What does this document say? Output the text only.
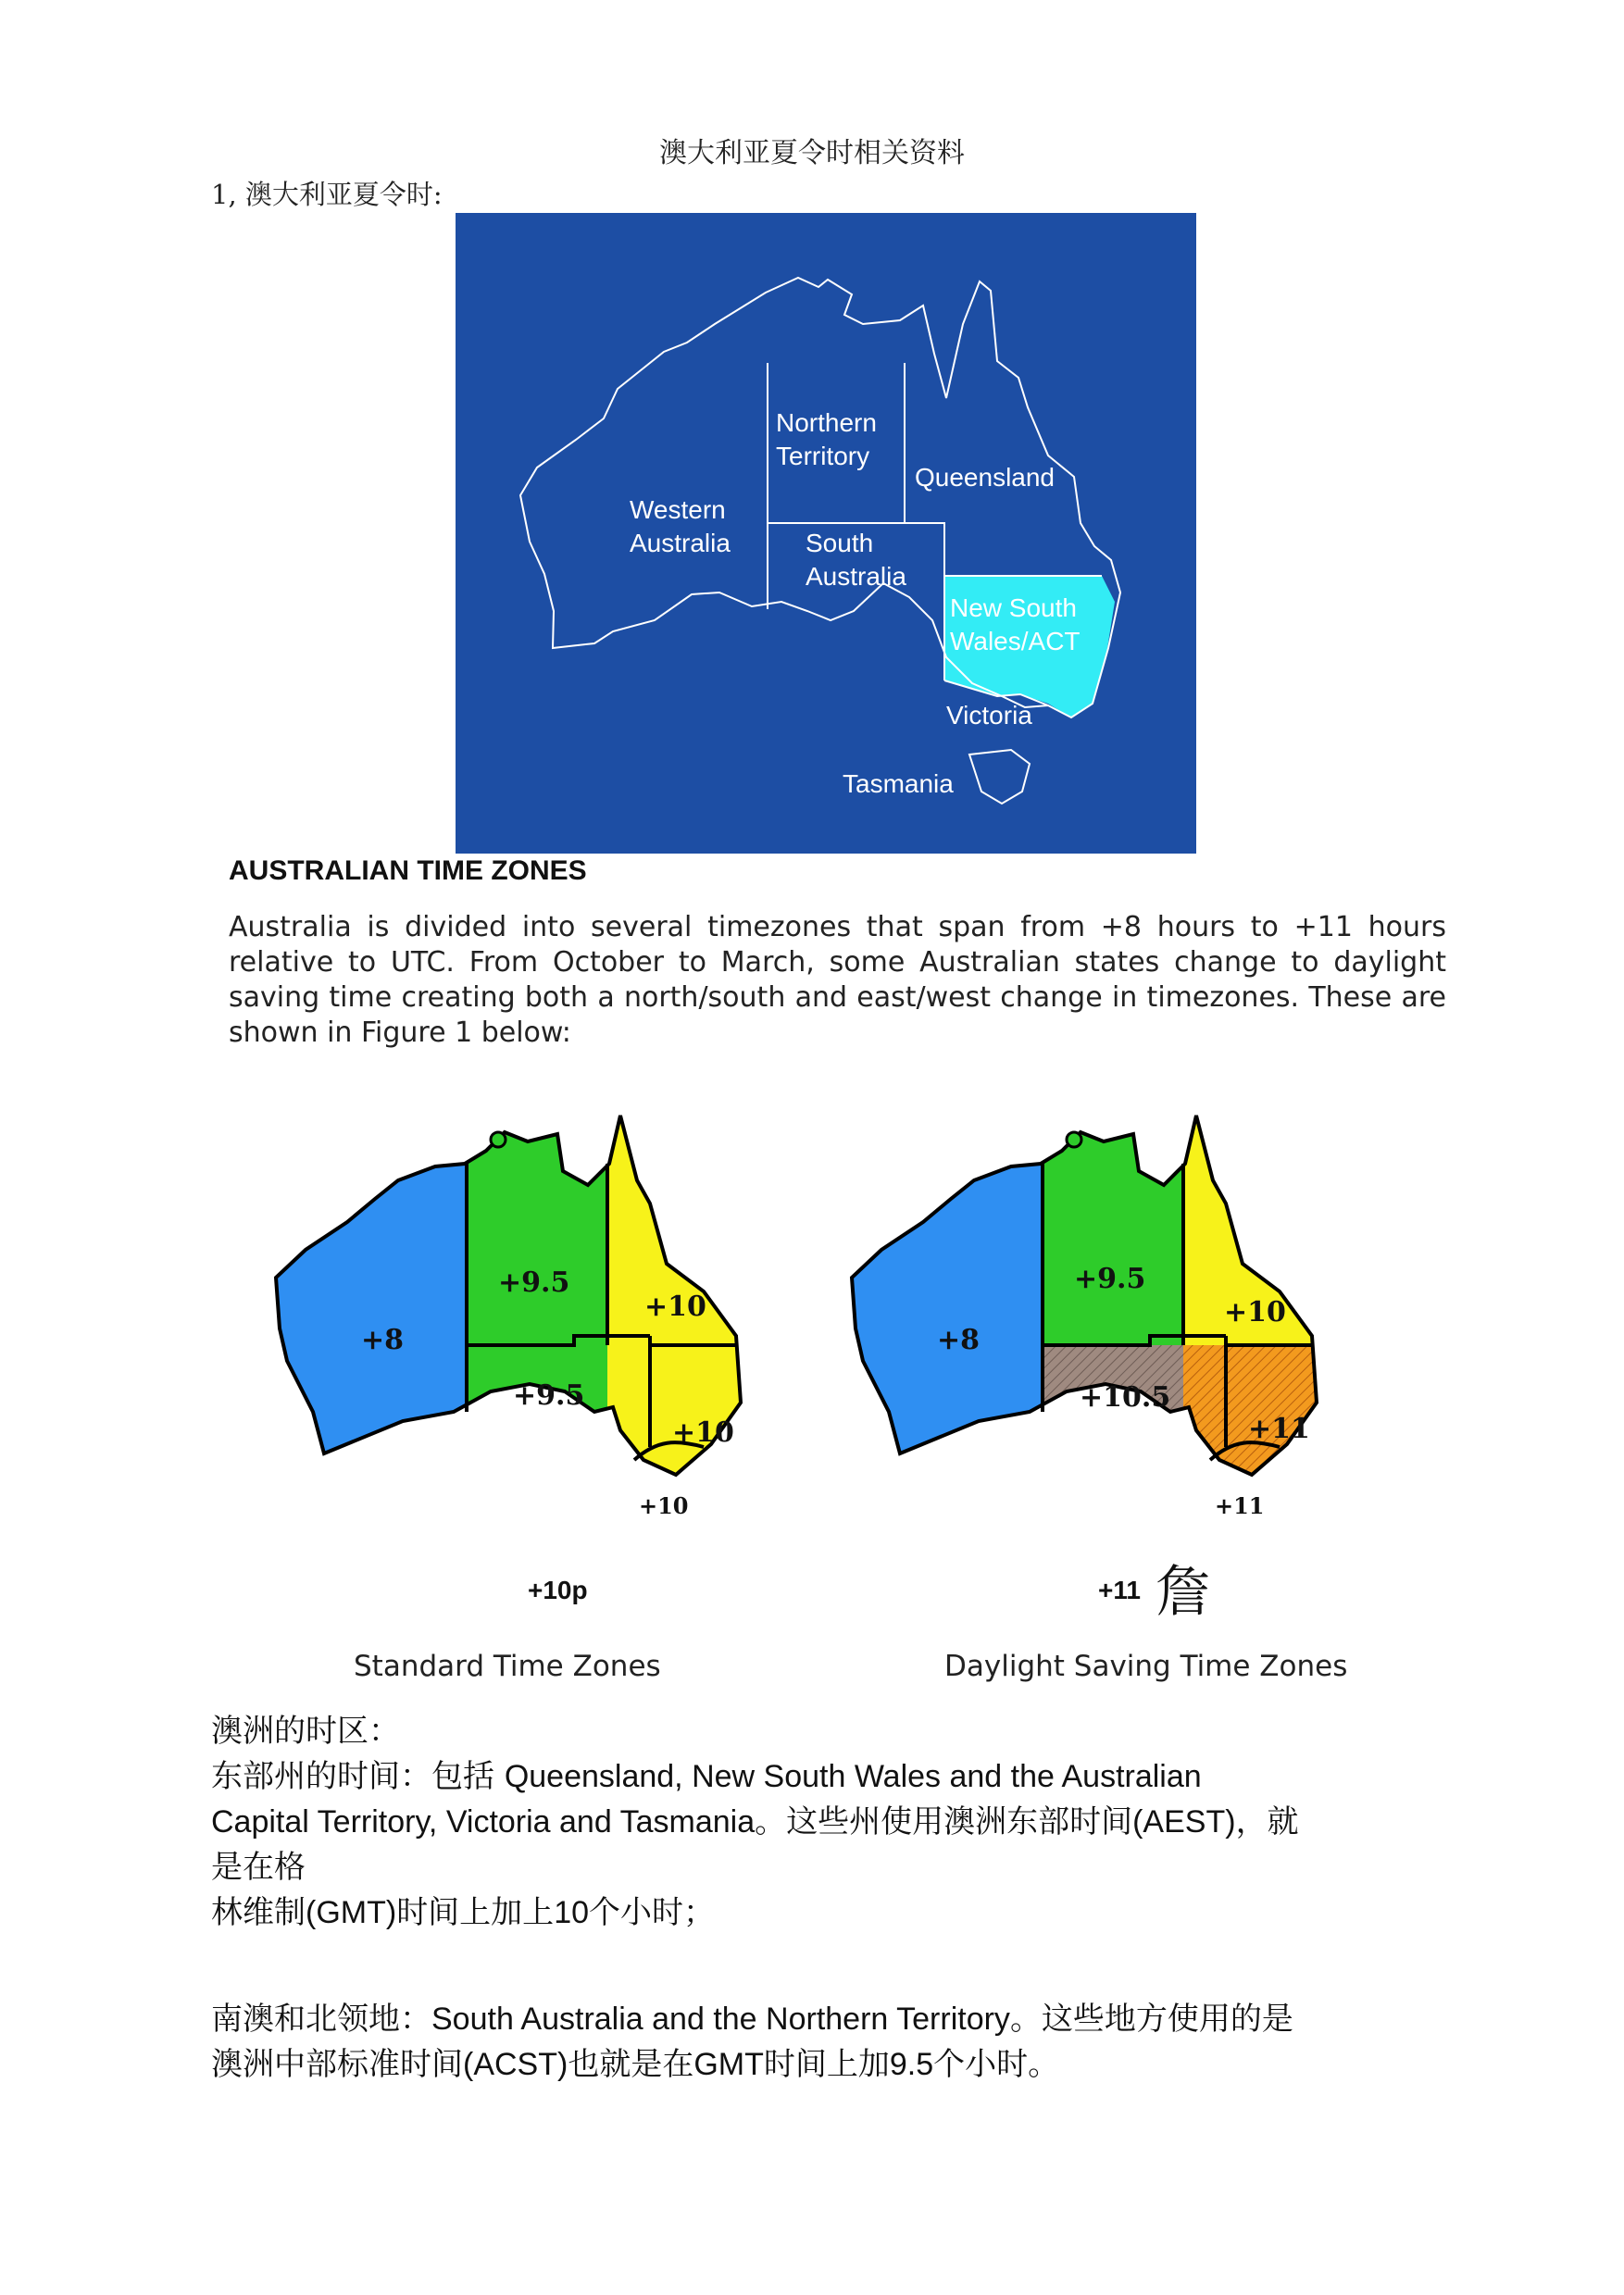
澳大利亚夏令时相关资料
1, 澳大利亚夏令时:
Northern
Territory
Queensland
Western
Australia	South
Australia
New South
Wales/ACT
Victoria
Tasmania
AUSTRALIAN TIME ZONES
Australia is divided into several timezones that span from +8 hours to +11 hours relative to UTC. From October to March, some Australian states change to daylight saving time creating both a north/south and east/west change in timezones. These are shown in Figure 1 below:
+8
+9.5
+9.5
+10
+10
+10
+8
+9.5
+10.5
+10
+11
+11
+10p	+11 詹
Standard Time Zones	Daylight Saving Time Zones
澳洲的时区：
东部州的时间：包括 Queensland, New South Wales and the Australian
Capital Territory, Victoria and Tasmania。这些州使用澳洲东部时间(AEST)，就
是在格
林维制(GMT)时间上加上10个小时；
南澳和北领地：South Australia and the Northern Territory。这些地方使用的是
澳洲中部标准时间(ACST)也就是在GMT时间上加9.5个小时。
